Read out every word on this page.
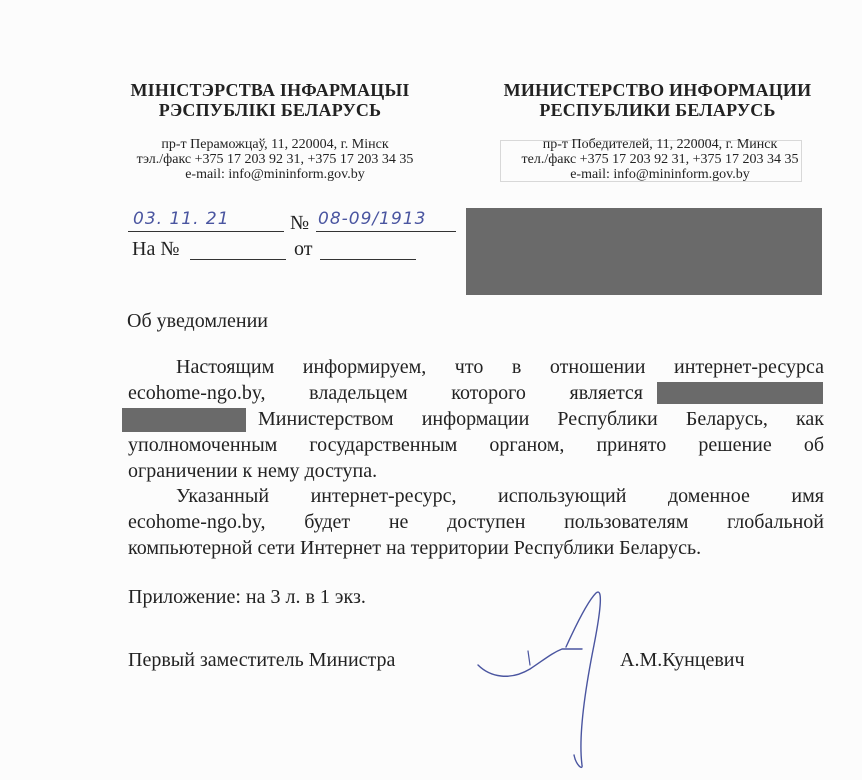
МІНІСТЭРСТВА ІНФАРМАЦЫІ
РЭСПУБЛІКІ БЕЛАРУСЬ
пр-т Пераможцаў, 11, 220004, г. Мінск
тэл./факс +375 17 203 92 31, +375 17 203 34 35
e-mail: info@mininform.gov.by
МИНИСТЕРСТВО ИНФОРМАЦИИ
РЕСПУБЛИКИ БЕЛАРУСЬ
пр-т Победителей, 11, 220004, г. Минск
тел./факс +375 17 203 92 31, +375 17 203 34 35
e-mail: info@mininform.gov.by
03. 11. 21	№ 08-09/1913
На №	от
Об уведомлении
Настоящим информируем, что в отношении интернет-ресурса
ecohome-ngo.by, владельцем которого является
Министерством информации Республики Беларусь, как
уполномоченным государственным органом, принято решение об
ограничении к нему доступа.
Указанный интернет-ресурс, использующий доменное имя
ecohome-ngo.by, будет не доступен пользователям глобальной
компьютерной сети Интернет на территории Республики Беларусь.
Приложение: на 3 л. в 1 экз.
Первый заместитель Министра	А.М.Кунцевич
